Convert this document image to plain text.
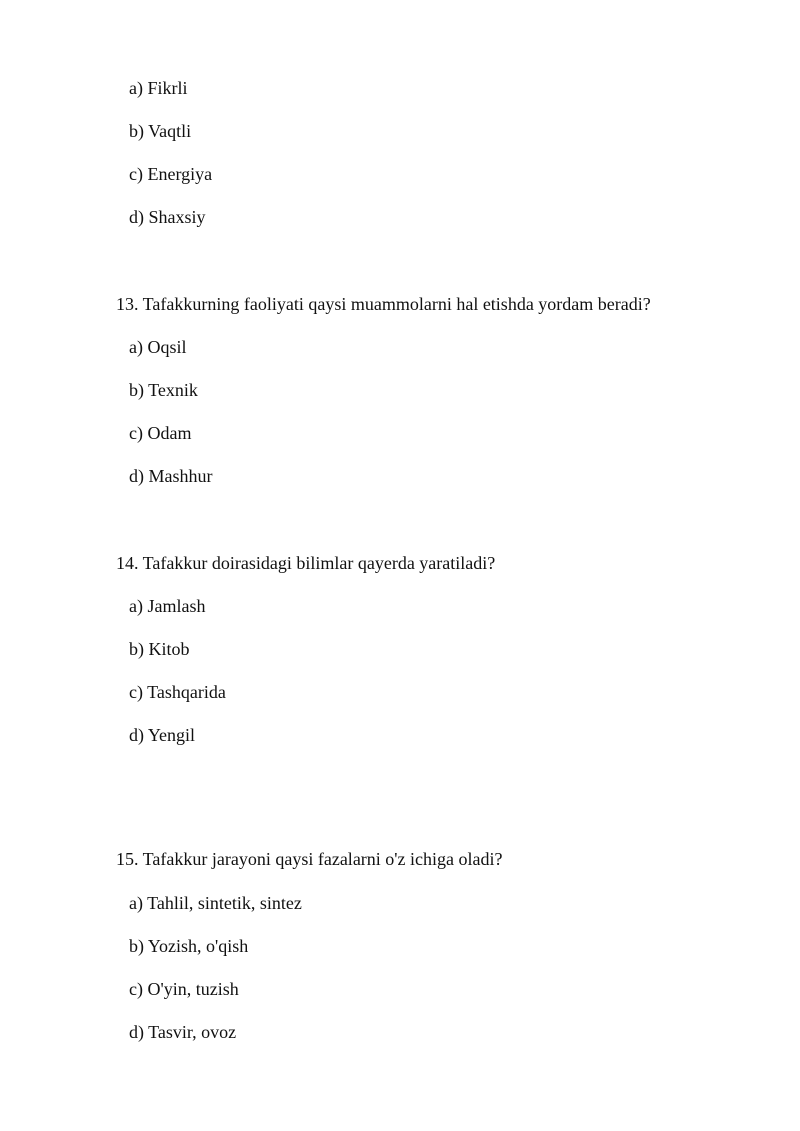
a) Fikrli
b) Vaqtli
c) Energiya
d) Shaxsiy
13. Tafakkurning faoliyati qaysi muammolarni hal etishda yordam beradi?
a) Oqsil
b) Texnik
c) Odam
d) Mashhur
14. Tafakkur doirasidagi bilimlar qayerda yaratiladi?
a) Jamlash
b) Kitob
c) Tashqarida
d) Yengil
15. Tafakkur jarayoni qaysi fazalarni o'z ichiga oladi?
a) Tahlil, sintetik, sintez
b) Yozish, o'qish
c) O'yin, tuzish
d) Tasvir, ovoz
